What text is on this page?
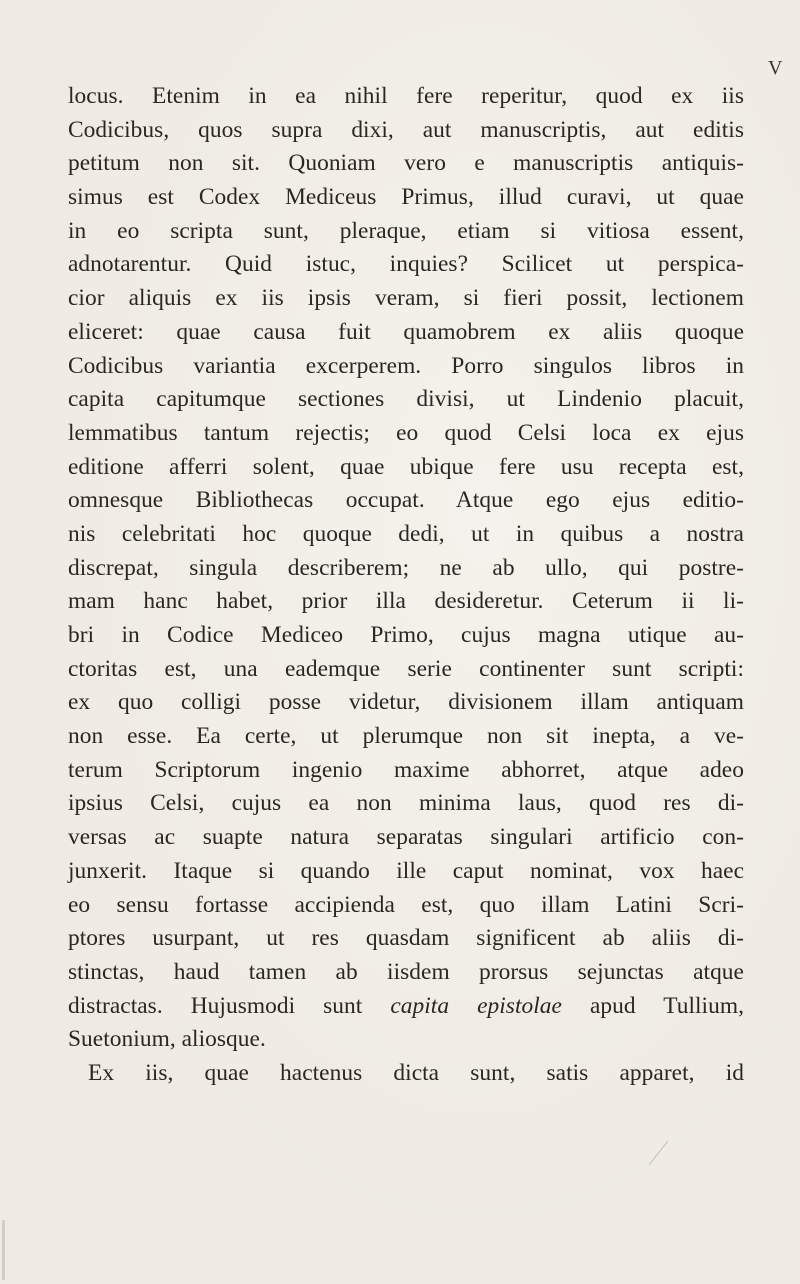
V
locus. Etenim in ea nihil fere reperitur, quod ex iis
Codicibus, quos supra dixi, aut manuscriptis, aut editis
petitum non sit. Quoniam vero e manuscriptis antiquis-
simus est Codex Mediceus Primus, illud curavi, ut quae
in eo scripta sunt, pleraque, etiam si vitiosa essent,
adnotarentur. Quid istuc, inquies? Scilicet ut perspica-
cior aliquis ex iis ipsis veram, si fieri possit, lectionem
eliceret: quae causa fuit quamobrem ex aliis quoque
Codicibus variantia excerperem. Porro singulos libros in
capita capitumque sectiones divisi, ut Lindenio placuit,
lemmatibus tantum rejectis; eo quod Celsi loca ex ejus
editione afferri solent, quae ubique fere usu recepta est,
omnesque Bibliothecas occupat. Atque ego ejus editio-
nis celebritati hoc quoque dedi, ut in quibus a nostra
discrepat, singula describerem; ne ab ullo, qui postre-
mam hanc habet, prior illa desideretur. Ceterum ii li-
bri in Codice Mediceo Primo, cujus magna utique au-
ctoritas est, una eademque serie continenter sunt scripti:
ex quo colligi posse videtur, divisionem illam antiquam
non esse. Ea certe, ut plerumque non sit inepta, a ve-
terum Scriptorum ingenio maxime abhorret, atque adeo
ipsius Celsi, cujus ea non minima laus, quod res di-
versas ac suapte natura separatas singulari artificio con-
junxerit. Itaque si quando ille caput nominat, vox haec
eo sensu fortasse accipienda est, quo illam Latini Scri-
ptores usurpant, ut res quasdam significent ab aliis di-
stinctas, haud tamen ab iisdem prorsus sejunctas atque
distractas. Hujusmodi sunt capita epistolae apud Tullium,
Suetonium, aliosque.
Ex iis, quae hactenus dicta sunt, satis apparet, id
